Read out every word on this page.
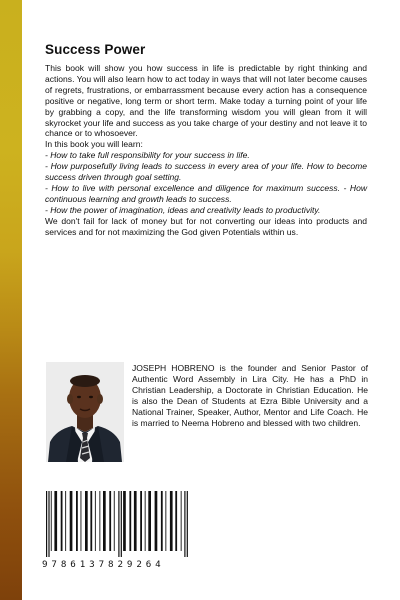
Success Power

This book will show you how success in life is predictable by right thinking and actions. You will also learn how to act today in ways that will not later become causes of regrets, frustrations, or embarrassment because every action has a consequence positive or negative, long term or short term. Make today a turning point of your life by grabbing a copy, and the life transforming wisdom you will glean from it will skyrocket your life and success as you take charge of your destiny and not leave it to chance or to whosoever.

In this book you will learn:

- How to take full responsibility for your success in life.
- How purposefully living leads to success in every area of your life. How to become success driven through goal setting.
- How to live with personal excellence and diligence for maximum success. - How continuous learning and growth leads to success.
- How the power of imagination, ideas and creativity leads to productivity.

We don't fail for lack of money but for not converting our ideas into products and services and for not maximizing the God given Potentials within us.

JOSEPH HOBRENO is the founder and Senior Pastor of Authentic Word Assembly in Lira City. He has a PhD in Christian Leadership, a Doctorate in Christian Education. He is also the Dean of Students at Ezra Bible University and a National Trainer, Speaker, Author, Mentor and Life Coach. He is married to Neema Hobreno and blessed with two children.

9786137829264
